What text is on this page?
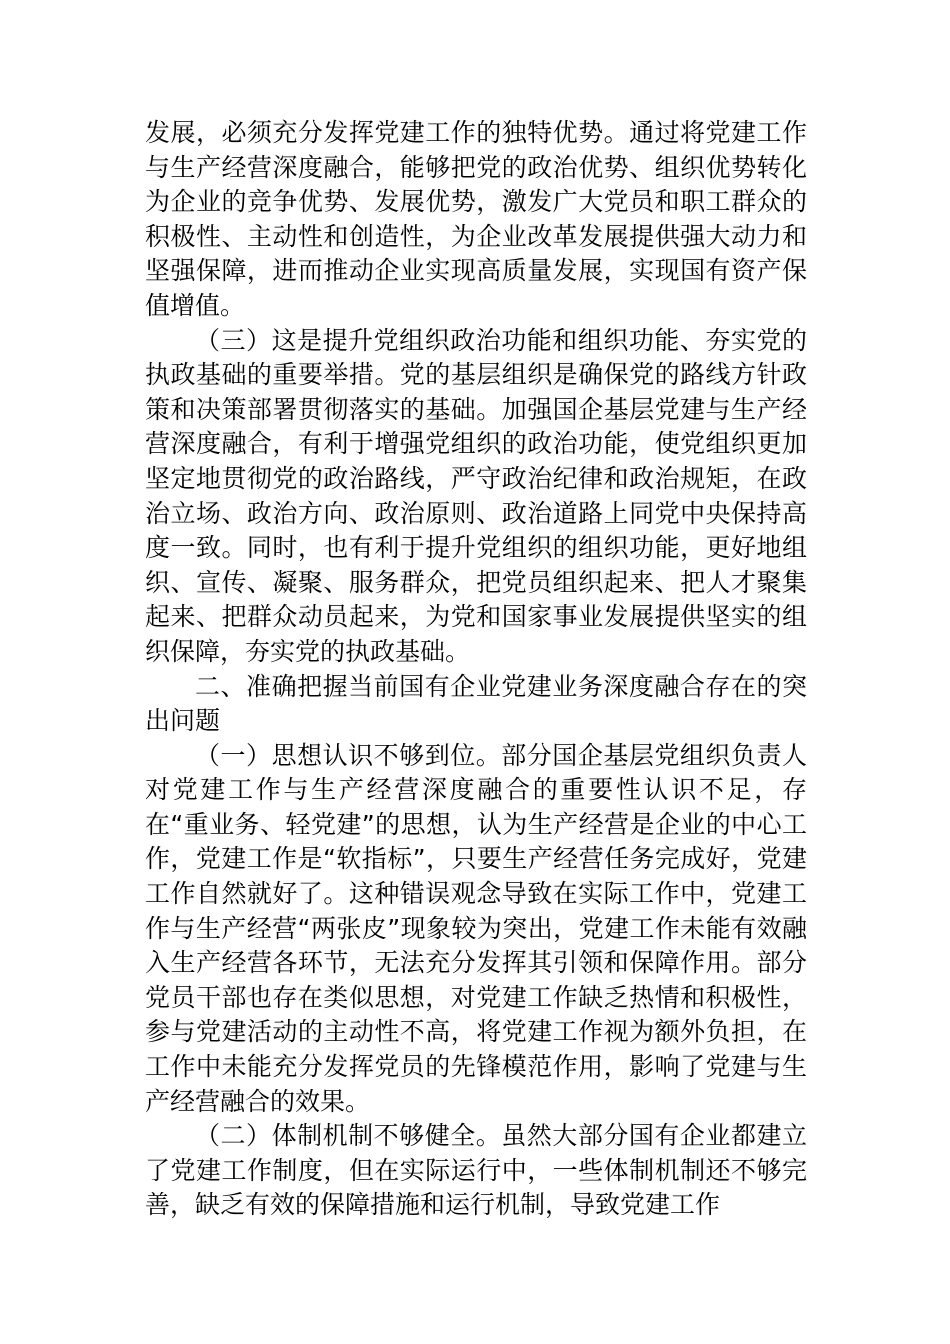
发展，必须充分发挥党建工作的独特优势。通过将党建工作与生产经营深度融合，能够把党的政治优势、组织优势转化为企业的竞争优势、发展优势，激发广大党员和职工群众的积极性、主动性和创造性，为企业改革发展提供强大动力和坚强保障，进而推动企业实现高质量发展，实现国有资产保值增值。

（三）这是提升党组织政治功能和组织功能、夯实党的执政基础的重要举措。党的基层组织是确保党的路线方针政策和决策部署贯彻落实的基础。加强国企基层党建与生产经营深度融合，有利于增强党组织的政治功能，使党组织更加坚定地贯彻党的政治路线，严守政治纪律和政治规矩，在政治立场、政治方向、政治原则、政治道路上同党中央保持高度一致。同时，也有利于提升党组织的组织功能，更好地组织、宣传、凝聚、服务群众，把党员组织起来、把人才聚集起来、把群众动员起来，为党和国家事业发展提供坚实的组织保障，夯实党的执政基础。

二、准确把握当前国有企业党建业务深度融合存在的突出问题

（一）思想认识不够到位。部分国企基层党组织负责人对党建工作与生产经营深度融合的重要性认识不足，存在“重业务、轻党建”的思想，认为生产经营是企业的中心工作，党建工作是“软指标”，只要生产经营任务完成好，党建工作自然就好了。这种错误观念导致在实际工作中，党建工作与生产经营“两张皮”现象较为突出，党建工作未能有效融入生产经营各环节，无法充分发挥其引领和保障作用。部分党员干部也存在类似思想，对党建工作缺乏热情和积极性，参与党建活动的主动性不高，将党建工作视为额外负担，在工作中未能充分发挥党员的先锋模范作用，影响了党建与生产经营融合的效果。

（二）体制机制不够健全。虽然大部分国有企业都建立了党建工作制度，但在实际运行中，一些体制机制还不够完善，缺乏有效的保障措施和运行机制，导致党建工作
